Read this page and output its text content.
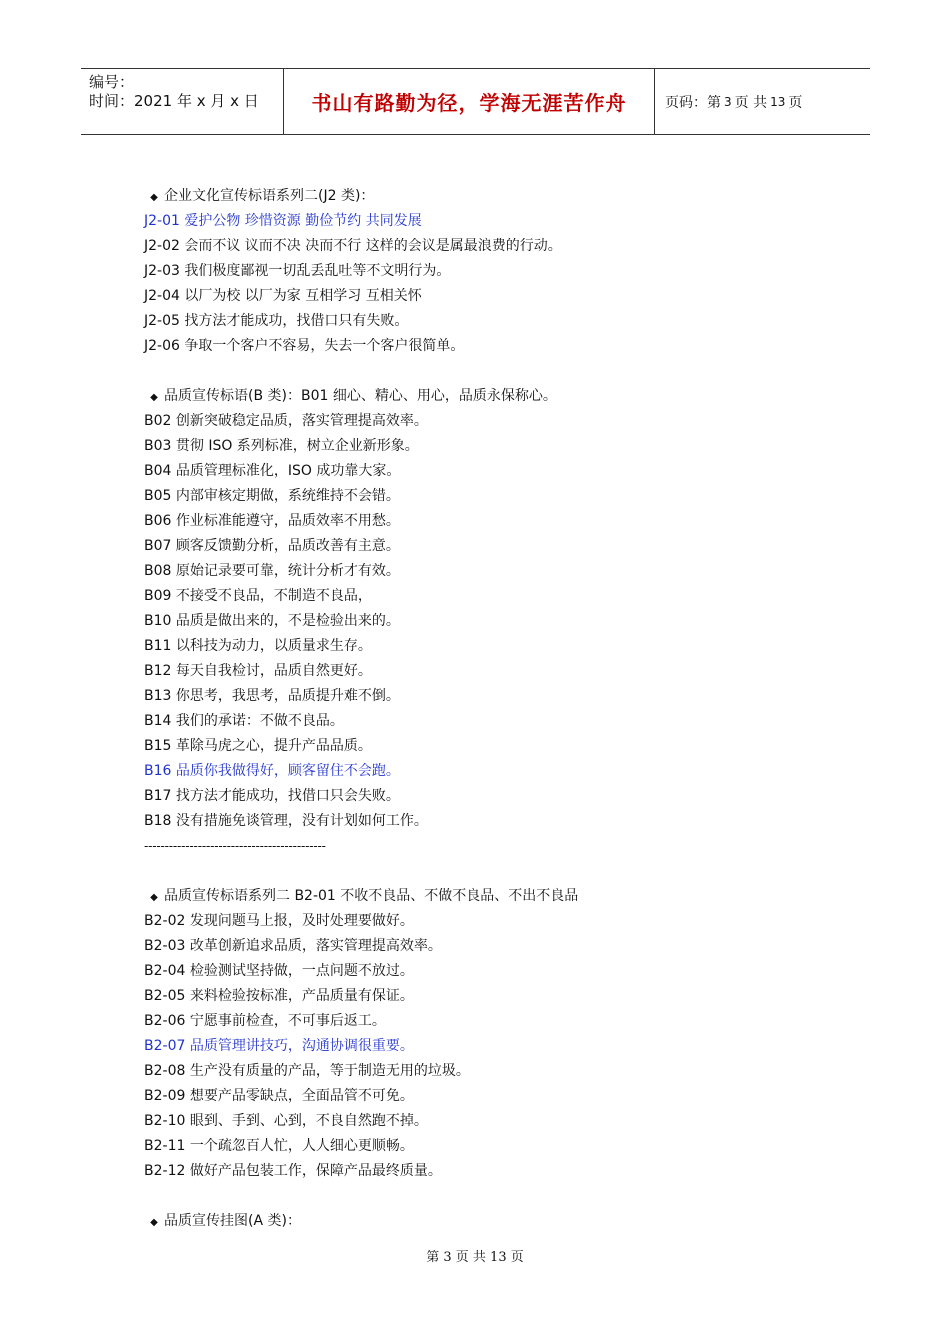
编号：
时间：2021 年 x 月 x 日	书山有路勤为径，学海无涯苦作舟	页码：第 3 页 共 13 页
◆ 企业文化宣传标语系列二(J2 类)：
J2-01 爱护公物 珍惜资源 勤俭节约 共同发展
J2-02 会而不议 议而不决 决而不行 这样的会议是属最浪费的行动。
J2-03 我们极度鄙视一切乱丢乱吐等不文明行为。
J2-04 以厂为校 以厂为家 互相学习 互相关怀
J2-05 找方法才能成功，找借口只有失败。
J2-06 争取一个客户不容易，失去一个客户很简单。
◆ 品质宣传标语(B 类)：B01 细心、精心、用心，品质永保称心。
B02 创新突破稳定品质，落实管理提高效率。
B03 贯彻 ISO 系列标准，树立企业新形象。
B04 品质管理标准化，ISO 成功靠大家。
B05 内部审核定期做，系统维持不会错。
B06 作业标准能遵守，品质效率不用愁。
B07 顾客反馈勤分析，品质改善有主意。
B08 原始记录要可靠，统计分析才有效。
B09 不接受不良品，不制造不良品，
B10 品质是做出来的，不是检验出来的。
B11 以科技为动力，以质量求生存。
B12 每天自我检讨，品质自然更好。
B13 你思考，我思考，品质提升难不倒。
B14 我们的承诺：不做不良品。
B15 革除马虎之心，提升产品品质。
B16 品质你我做得好，顾客留住不会跑。
B17 找方法才能成功，找借口只会失败。
B18 没有措施免谈管理，没有计划如何工作。
--------------------------------------------
◆ 品质宣传标语系列二 B2-01 不收不良品、不做不良品、不出不良品
B2-02 发现问题马上报，及时处理要做好。
B2-03 改革创新追求品质，落实管理提高效率。
B2-04 检验测试坚持做，一点问题不放过。
B2-05 来料检验按标准，产品质量有保证。
B2-06 宁愿事前检查，不可事后返工。
B2-07 品质管理讲技巧，沟通协调很重要。
B2-08 生产没有质量的产品，等于制造无用的垃圾。
B2-09 想要产品零缺点，全面品管不可免。
B2-10 眼到、手到、心到，不良自然跑不掉。
B2-11 一个疏忽百人忙，人人细心更顺畅。
B2-12 做好产品包装工作，保障产品最终质量。
◆ 品质宣传挂图(A 类)：
第 3 页 共 13 页
